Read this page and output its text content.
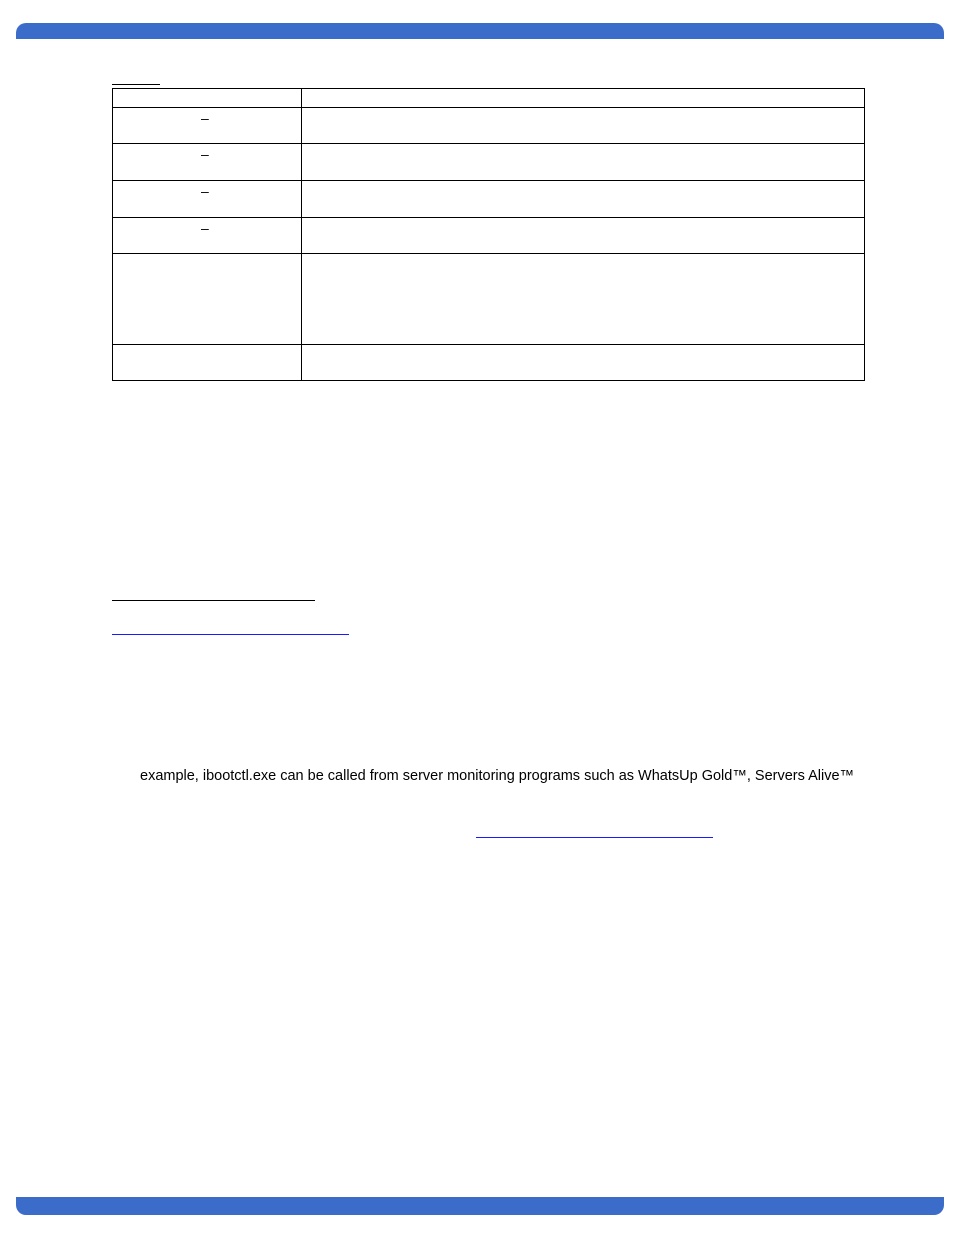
–	

–	

–	

–	

example, ibootctl.exe can be called from server monitoring programs such as WhatsUp Gold™, Servers Alive™
